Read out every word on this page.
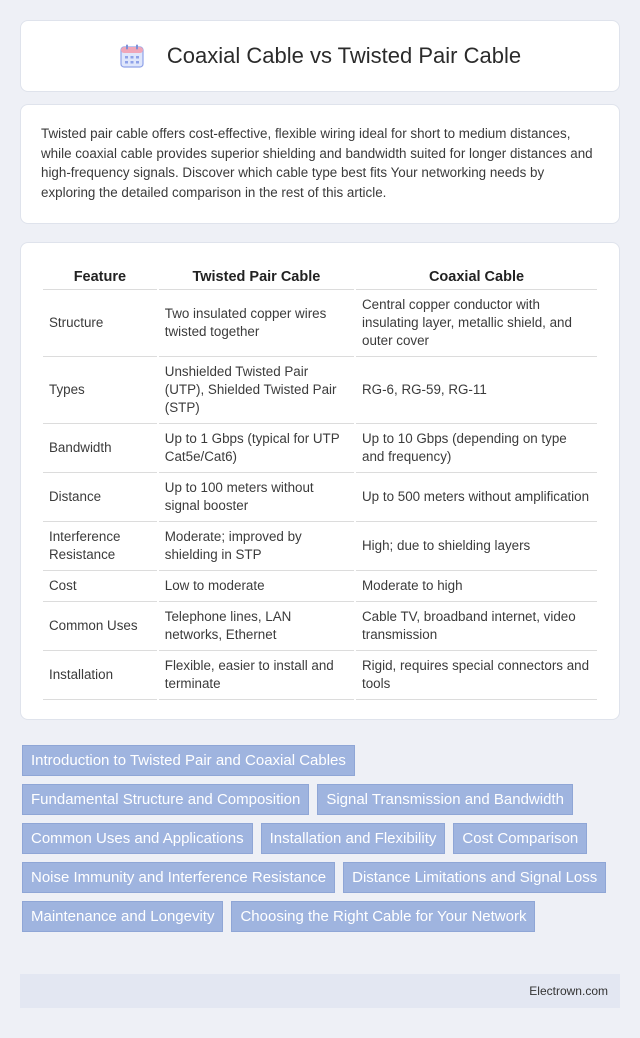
Coaxial Cable vs Twisted Pair Cable

Twisted pair cable offers cost-effective, flexible wiring ideal for short to medium distances, while coaxial cable provides superior shielding and bandwidth suited for longer distances and high-frequency signals. Discover which cable type best fits Your networking needs by exploring the detailed comparison in the rest of this article.

Feature	Twisted Pair Cable	Coaxial Cable
Structure	Two insulated copper wires twisted together	Central copper conductor with insulating layer, metallic shield, and outer cover
Types	Unshielded Twisted Pair (UTP), Shielded Twisted Pair (STP)	RG-6, RG-59, RG-11
Bandwidth	Up to 1 Gbps (typical for UTP Cat5e/Cat6)	Up to 10 Gbps (depending on type and frequency)
Distance	Up to 100 meters without signal booster	Up to 500 meters without amplification
Interference Resistance	Moderate; improved by shielding in STP	High; due to shielding layers
Cost	Low to moderate	Moderate to high
Common Uses	Telephone lines, LAN networks, Ethernet	Cable TV, broadband internet, video transmission
Installation	Flexible, easier to install and terminate	Rigid, requires special connectors and tools
Introduction to Twisted Pair and Coaxial Cables
Fundamental Structure and Composition	Signal Transmission and Bandwidth
Common Uses and Applications	Installation and Flexibility	Cost Comparison
Noise Immunity and Interference Resistance	Distance Limitations and Signal Loss
Maintenance and Longevity	Choosing the Right Cable for Your Network
Electrown.com
